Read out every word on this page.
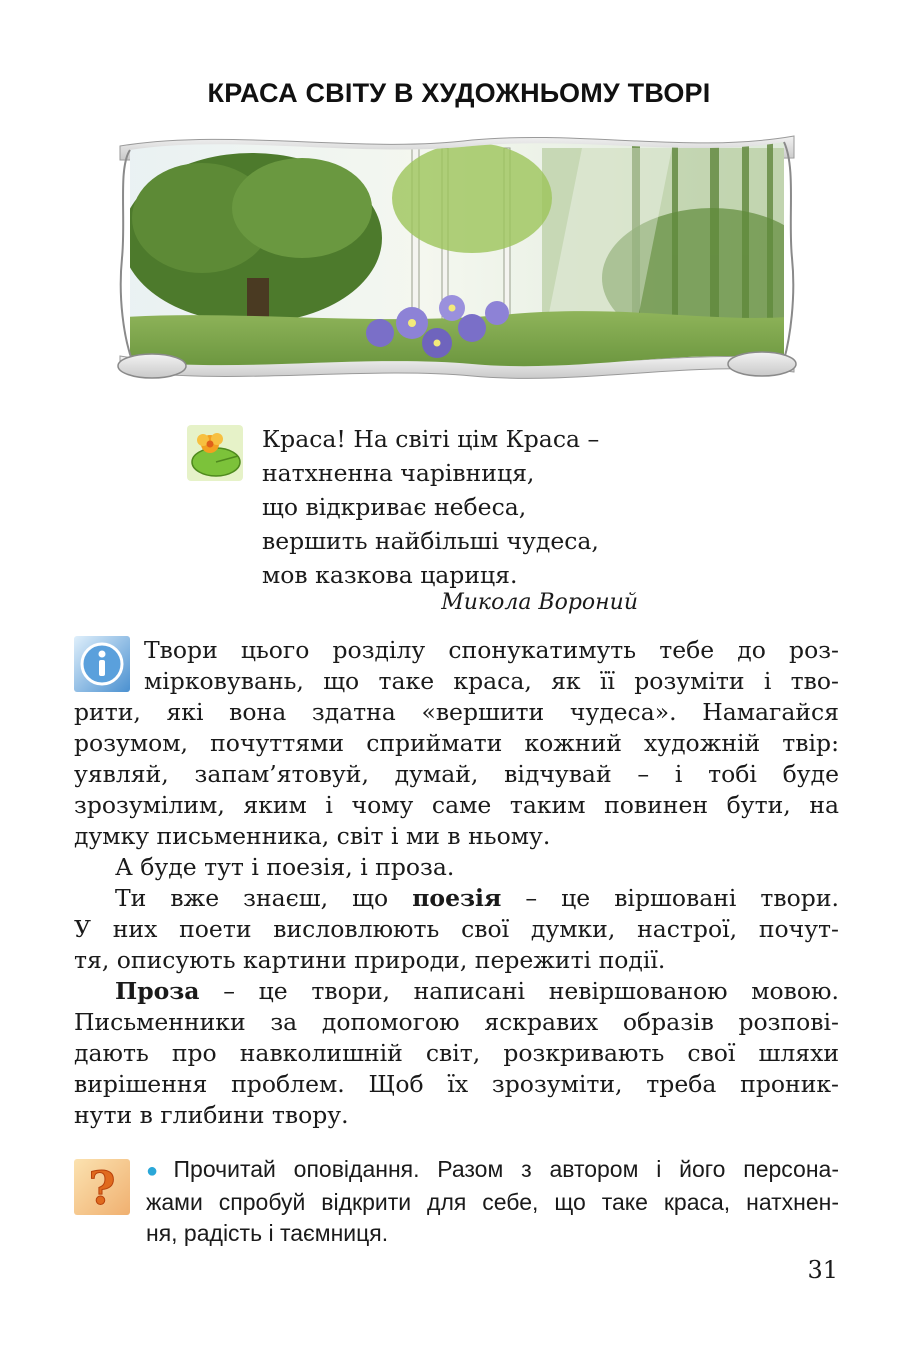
КРАСА СВІТУ В ХУДОЖНЬОМУ ТВОРІ
Краса! На світі цім Краса –
натхненна чарівниця,
що відкриває небеса,
вершить найбільші чудеса,
мов казкова цариця.
Микола Вороний
Твори цього розділу спонукатимуть тебе до роз-
мірковувань, що таке краса, як її розуміти і тво-
рити, які вона здатна «вершити чудеса». Намагайся
розумом, почуттями сприймати кожний художній твір:
уявляй, запам’ятовуй, думай, відчувай – і тобі буде
зрозумілим, яким і чому саме таким повинен бути, на
думку письменника, світ і ми в ньому.
А буде тут і поезія, і проза.
Ти вже знаєш, що поезія – це віршовані твори.
У них поети висловлюють свої думки, настрої, почут-
тя, описують картини природи, пережиті події.
Проза – це твори, написані невіршованою мовою.
Письменники за допомогою яскравих образів розпові-
дають про навколишній світ, розкривають свої шляхи
вирішення проблем. Щоб їх зрозуміти, треба проник-
нути в глибини твору.
? ● Прочитай оповідання. Разом з автором і його персона-
жами спробуй відкрити для себе, що таке краса, натхнен-
ня, радість і таємниця.
31
